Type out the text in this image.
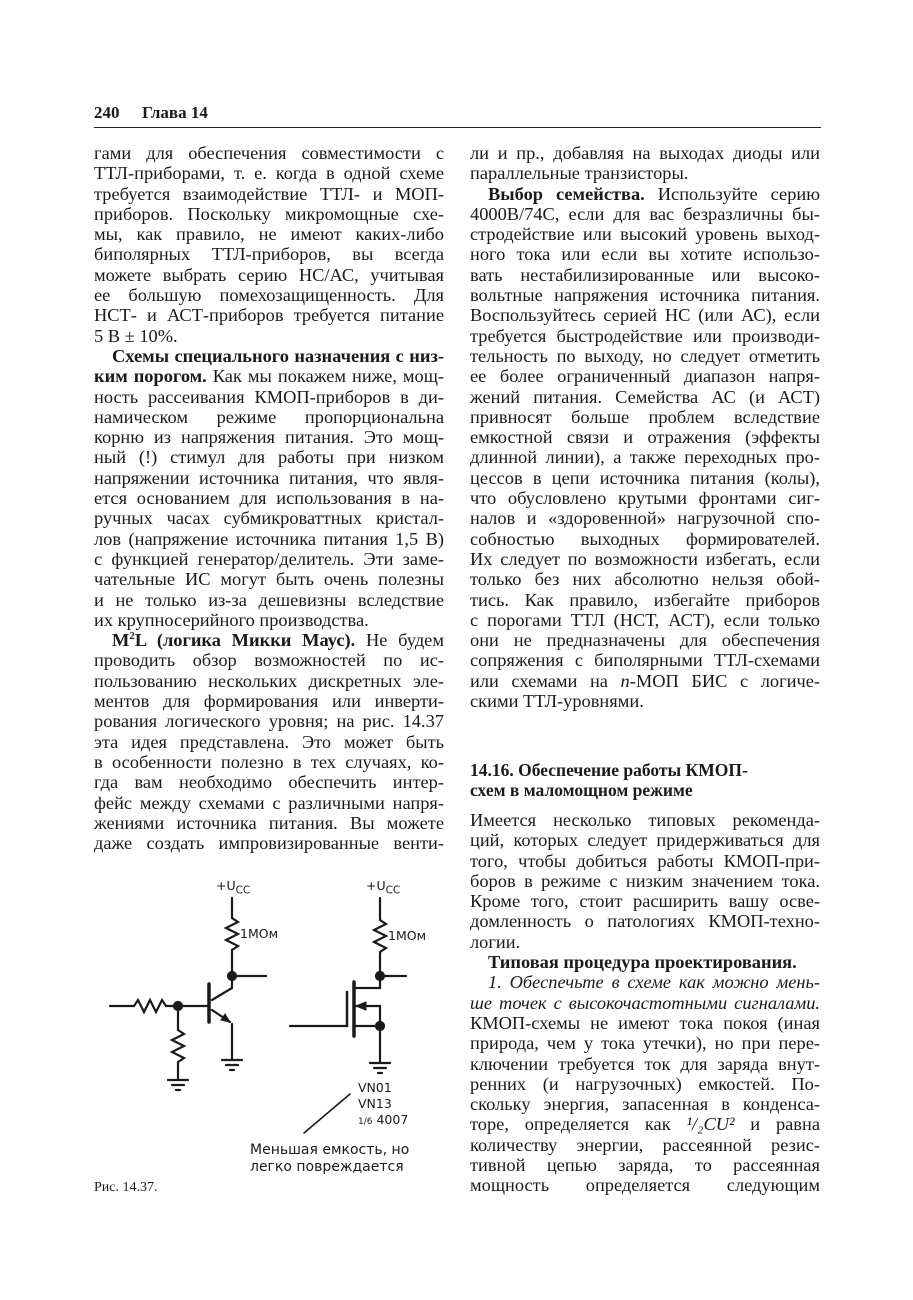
240 Глава 14
гами для обеспечения совместимости с
ТТЛ-приборами, т. е. когда в одной схеме
требуется взаимодействие ТТЛ- и МОП-
приборов. Поскольку микромощные схе-
мы, как правило, не имеют каких-либо
биполярных ТТЛ-приборов, вы всегда
можете выбрать серию НС/АС, учитывая
ее большую помехозащищенность. Для
НСТ- и АСТ-приборов требуется питание
5 В ± 10%.
Схемы специального назначения с низ-
ким порогом. Как мы покажем ниже, мощ-
ность рассеивания КМОП-приборов в ди-
намическом режиме пропорциональна
корню из напряжения питания. Это мощ-
ный (!) стимул для работы при низком
напряжении источника питания, что явля-
ется основанием для использования в на-
ручных часах субмикроваттных кристал-
лов (напряжение источника питания 1,5 В)
с функцией генератор/делитель. Эти заме-
чательные ИС могут быть очень полезны
и не только из-за дешевизны вследствие
их крупносерийного производства.
$M^2L$ (логика Микки Маус). Не будем
проводить обзор возможностей по ис-
пользованию нескольких дискретных эле-
ментов для формирования или инверти-
рования логического уровня; на рис. 14.37
эта идея представлена. Это может быть
в особенности полезно в тех случаях, ко-
гда вам необходимо обеспечить интер-
фейс между схемами с различными напря-
жениями источника питания. Вы можете
даже создать импровизированные венти-
ли и пр., добавляя на выходах диоды или
параллельные транзисторы.
Выбор семейства. Используйте серию
4000В/74С, если для вас безразличны бы-
стродействие или высокий уровень выход-
ного тока или если вы хотите использо-
вать нестабилизированные или высоко-
вольтные напряжения источника питания.
Воспользуйтесь серией НС (или АС), если
требуется быстродействие или производи-
тельность по выходу, но следует отметить
ее более ограниченный диапазон напря-
жений питания. Семейства АС (и АСТ)
привносят больше проблем вследствие
емкостной связи и отражения (эффекты
длинной линии), а также переходных про-
цессов в цепи источника питания (колы),
что обусловлено крутыми фронтами сиг-
налов и «здоровенной» нагрузочной спо-
собностью выходных формирователей.
Их следует по возможности избегать, если
только без них абсолютно нельзя обой-
тись. Как правило, избегайте приборов
с порогами ТТЛ (НСТ, АСТ), если только
они не предназначены для обеспечения
сопряжения с биполярными ТТЛ-схемами
или схемами на n-МОП БИС с логиче-
скими ТТЛ-уровнями.
14.16. Обеспечение работы КМОП-
схем в маломощном режиме
Имеется несколько типовых рекоменда-
ций, которых следует придерживаться для
того, чтобы добиться работы КМОП-при-
боров в режиме с низким значением тока.
Кроме того, стоит расширить вашу осве-
домленность о патологиях КМОП-техно-
логии.
Типовая процедура проектирования.
1. Обеспечьте в схеме как можно мень-
ше точек с высокочастотными сигналами.
КМОП-схемы не имеют тока покоя (иная
природа, чем у тока утечки), но при пере-
ключении требуется ток для заряда внут-
ренних (и нагрузочных) емкостей. По-
скольку энергия, запасенная в конденса-
торе, определяется как ¹/₂CU² и равна
количеству энергии, рассеянной резис-
тивной цепью заряда, то рассеянная
мощность определяется следующим
$+U_{CC}$
1МОм
$+U_{CC}$
1МОм
VN01
VN13
1/6 4007
Меньшая емкость, но
легко повреждается
Рис. 14.37.
